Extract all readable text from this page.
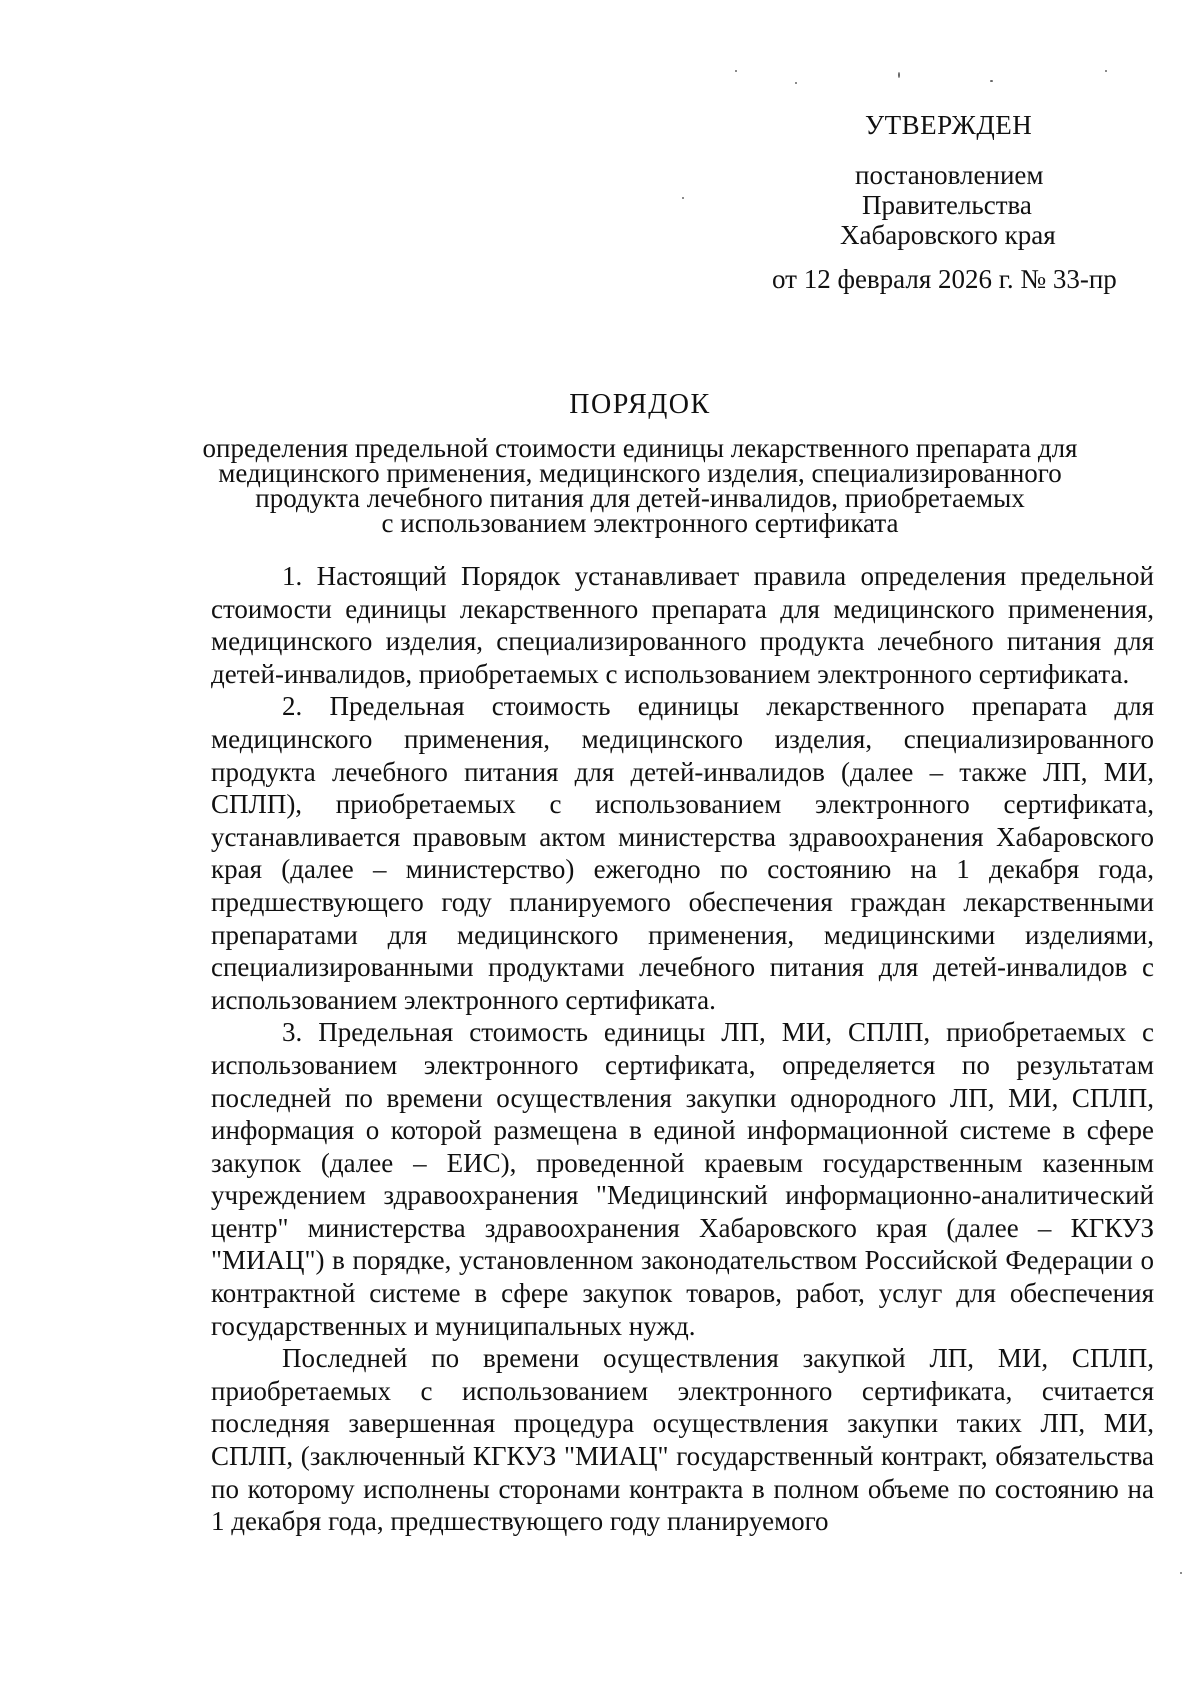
УТВЕРЖДЕН
постановлением
Правительства
Хабаровского края
от 12 февраля 2026 г. № 33-пр
ПОРЯДОК
определения предельной стоимости единицы лекарственного препарата для
медицинского применения, медицинского изделия, специализированного
продукта лечебного питания для детей-инвалидов, приобретаемых
с использованием электронного сертификата

1. Настоящий Порядок устанавливает правила определения предельной стоимости единицы лекарственного препарата для медицинского применения, медицинского изделия, специализированного продукта лечебного питания для детей-инвалидов, приобретаемых с использованием электронного сертификата.

2. Предельная стоимость единицы лекарственного препарата для медицинского применения, медицинского изделия, специализированного продукта лечебного питания для детей-инвалидов (далее – также ЛП, МИ, СПЛП), приобретаемых с использованием электронного сертификата, устанавливается правовым актом министерства здравоохранения Хабаровского края (далее – министерство) ежегодно по состоянию на 1 декабря года, предшествующего году планируемого обеспечения граждан лекарственными препаратами для медицинского применения, медицинскими изделиями, специализированными продуктами лечебного питания для детей-инвалидов с использованием электронного сертификата.

3. Предельная стоимость единицы ЛП, МИ, СПЛП, приобретаемых с использованием электронного сертификата, определяется по результатам последней по времени осуществления закупки однородного ЛП, МИ, СПЛП, информация о которой размещена в единой информационной системе в сфере закупок (далее – ЕИС), проведенной краевым государственным казенным учреждением здравоохранения "Медицинский информационно-аналитический центр" министерства здравоохранения Хабаровского края (далее – КГКУЗ "МИАЦ") в порядке, установленном законодательством Российской Федерации о контрактной системе в сфере закупок товаров, работ, услуг для обеспечения государственных и муниципальных нужд.

Последней по времени осуществления закупкой ЛП, МИ, СПЛП, приобретаемых с использованием электронного сертификата, считается последняя завершенная процедура осуществления закупки таких ЛП, МИ, СПЛП, (заключенный КГКУЗ "МИАЦ" государственный контракт, обязательства по которому исполнены сторонами контракта в полном объеме по состоянию на 1 декабря года, предшествующего году планируемого
